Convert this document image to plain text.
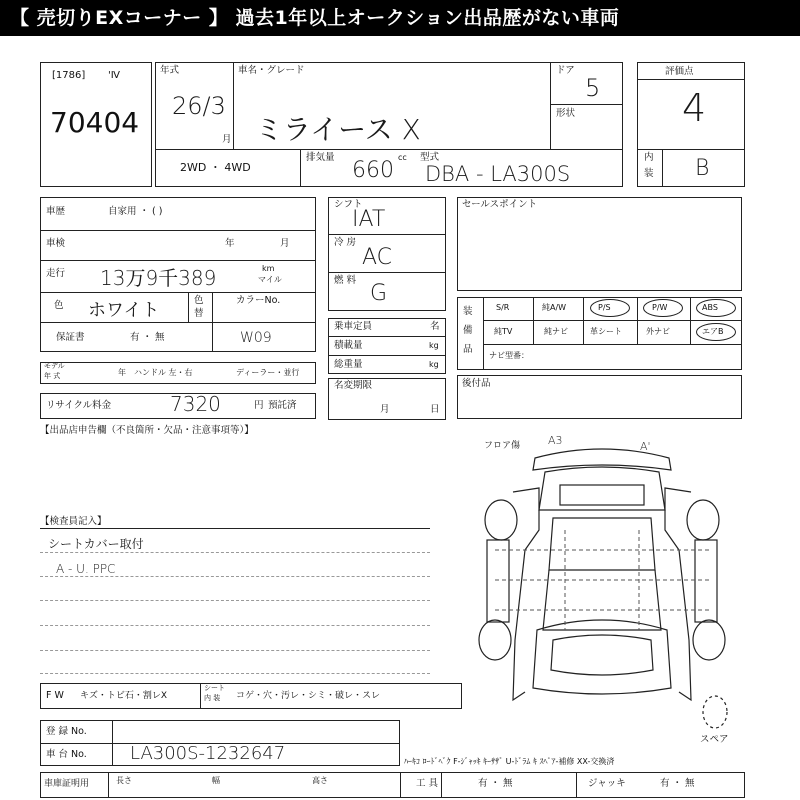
【 売切りEXコーナー 】 過去1年以上オークション出品歴がない車両
[1786] 'Ⅳ
70404
年式
26/3
月
車名・グレード
ミライース X
ドア
5
形状
2WD ・ 4WD
排気量
660
cc 型式
DBA - LA300S
評価点
4
内
装 B
車歴	自家用 ・ ( )
車検	年	月
走行 13万9千389	km
マイル
色 ホワイト	色
替
カラーNo.
W09
保証書	有 ・ 無
モデル
年 式	年 ハンドル 左・右	ディーラー・並行
リサイクル料金	7320	円 預託済
【出品店申告欄（不良箇所・欠品・注意事項等）】
シフト
IAT
冷 房
AC
燃 料
G
乗車定員	名
積載量	kg
総重量	kg
名変期限
月	日
セールスポイント
装
備
品
S/R	純A/W	P/S	P/W	ABS
純TV	純ナビ	革シート	外ナビ	エアB
ナビ型番：
後付品
【検査員記入】
シートカバー取付
A - U. PPC
フロア傷	A3	A'
スペア
F W キズ・トビ石・割レX
シート
内 装 コゲ・穴・汚レ・シミ・破レ・スレ
登 録 No.
車 台 No. LA300S-1232647	ﾊｰｷｺ ﾛｰﾄﾞﾍﾞｸ F-ｼﾞｬｯｷ ｷｰｻｻﾞ U-ﾄﾞﾗﾑ ｷ ｽﾍﾟｱ-補修 XX-交換済
車庫証明用	長さ	幅	高さ	工 具	有 ・ 無	ジャッキ	有 ・ 無
